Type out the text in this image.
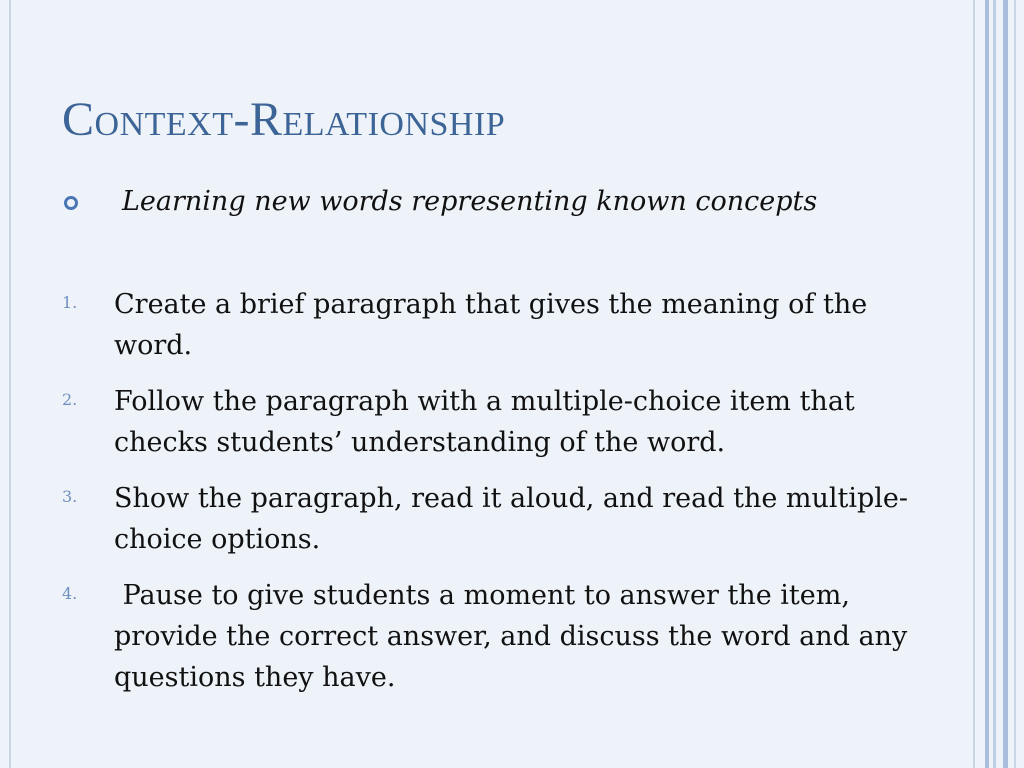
Context-Relationship
Learning new words representing known concepts
1. Create a brief paragraph that gives the meaning of the word.
2. Follow the paragraph with a multiple-choice item that checks students’ understanding of the word.
3. Show the paragraph, read it aloud, and read the multiple-choice options.
4. Pause to give students a moment to answer the item, provide the correct answer, and discuss the word and any questions they have.
